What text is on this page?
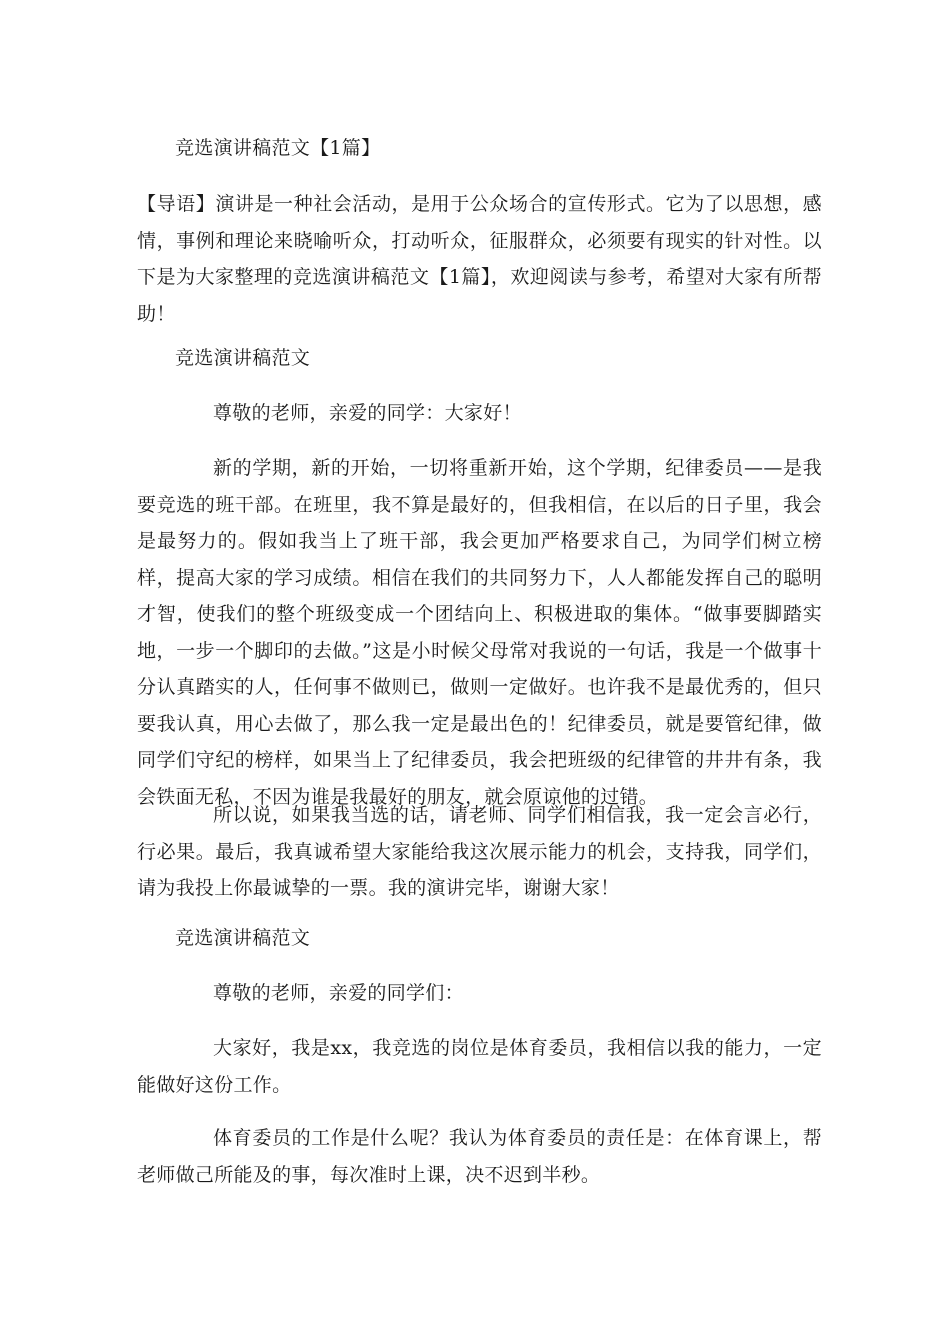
竞选演讲稿范文【1篇】

【导语】演讲是一种社会活动，是用于公众场合的宣传形式。它为了以思想，感情，事例和理论来晓喻听众，打动听众，征服群众，必须要有现实的针对性。以下是为大家整理的竞选演讲稿范文【1篇】，欢迎阅读与参考，希望对大家有所帮助！

竞选演讲稿范文

尊敬的老师，亲爱的同学：大家好！

新的学期，新的开始，一切将重新开始，这个学期，纪律委员——是我要竞选的班干部。在班里，我不算是最好的，但我相信，在以后的日子里，我会是最努力的。假如我当上了班干部，我会更加严格要求自己，为同学们树立榜样，提高大家的学习成绩。相信在我们的共同努力下，人人都能发挥自己的聪明才智，使我们的整个班级变成一个团结向上、积极进取的集体。“做事要脚踏实地，一步一个脚印的去做。”这是小时候父母常对我说的一句话，我是一个做事十分认真踏实的人，任何事不做则已，做则一定做好。也许我不是最优秀的，但只要我认真，用心去做了，那么我一定是最出色的！纪律委员，就是要管纪律，做同学们守纪的榜样，如果当上了纪律委员，我会把班级的纪律管的井井有条，我会铁面无私，不因为谁是我最好的朋友，就会原谅他的过错。

所以说，如果我当选的话，请老师、同学们相信我，我一定会言必行，行必果。最后，我真诚希望大家能给我这次展示能力的机会，支持我，同学们，请为我投上你最诚挚的一票。我的演讲完毕，谢谢大家！

竞选演讲稿范文

尊敬的老师，亲爱的同学们：

大家好，我是xx，我竞选的岗位是体育委员，我相信以我的能力，一定能做好这份工作。

体育委员的工作是什么呢？我认为体育委员的责任是：在体育课上，帮老师做己所能及的事，每次准时上课，决不迟到半秒。
